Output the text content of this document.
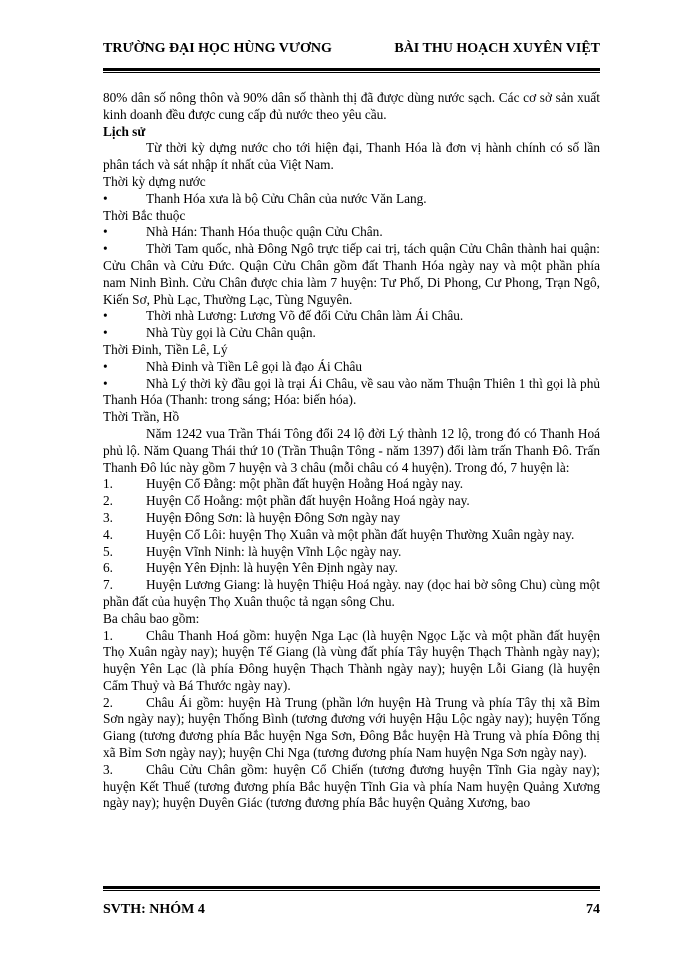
TRƯỜNG ĐẠI HỌC HÙNG VƯƠNG	BÀI THU HOẠCH XUYÊN VIỆT

80% dân số nông thôn và 90% dân số thành thị đã được dùng nước sạch. Các cơ sở sản xuất kinh doanh đều được cung cấp đủ nước theo yêu cầu.

Lịch sử

Từ thời kỳ dựng nước cho tới hiện đại, Thanh Hóa là đơn vị hành chính có số lần phân tách và sát nhập ít nhất của Việt Nam.

Thời kỳ dựng nước

•	Thanh Hóa xưa là bộ Cửu Chân của nước Văn Lang.

Thời Bắc thuộc

•	Nhà Hán: Thanh Hóa thuộc quận Cửu Chân.

•	Thời Tam quốc, nhà Đông Ngô trực tiếp cai trị, tách quận Cửu Chân thành hai quận: Cửu Chân và Cửu Đức. Quận Cửu Chân gồm đất Thanh Hóa ngày nay và một phần phía nam Ninh Bình. Cửu Chân được chia làm 7 huyện: Tư Phố, Di Phong, Cư Phong, Trạn Ngô, Kiến Sơ, Phù Lạc, Thường Lạc, Tùng Nguyên.

•	Thời nhà Lương: Lương Võ đế đổi Cửu Chân làm Ái Châu.

•	Nhà Tùy gọi là Cửu Chân quận.

Thời Đinh, Tiền Lê, Lý

•	Nhà Đinh và Tiền Lê gọi là đạo Ái Châu

•	Nhà Lý thời kỳ đầu gọi là trại Ái Châu, về sau vào năm Thuận Thiên 1 thì gọi là phủ Thanh Hóa (Thanh: trong sáng; Hóa: biến hóa).

Thời Trần, Hồ

Năm 1242 vua Trần Thái Tông đổi 24 lộ đời Lý thành 12 lộ, trong đó có Thanh Hoá phủ lộ. Năm Quang Thái thứ 10 (Trần Thuận Tông - năm 1397) đổi làm trấn Thanh Đô. Trấn Thanh Đô lúc này gồm 7 huyện và 3 châu (mỗi châu có 4 huyện). Trong đó, 7 huyện là:

1. Huyện Cổ Đằng: một phần đất huyện Hoằng Hoá ngày nay.

2. Huyện Cổ Hoằng: một phần đất huyện Hoằng Hoá ngày nay.

3. Huyện Đông Sơn: là huyện Đông Sơn ngày nay

4. Huyện Cổ Lôi: huyện Thọ Xuân và một phần đất huyện Thường Xuân ngày nay.

5. Huyện Vĩnh Ninh: là huyện Vĩnh Lộc ngày nay.

6. Huyện Yên Định: là huyện Yên Định ngày nay.

7. Huyện Lương Giang: là huyện Thiệu Hoá ngày. nay (dọc hai bờ sông Chu) cùng một phần đất của huyện Thọ Xuân thuộc tả ngạn sông Chu.

Ba châu bao gồm:

1. Châu Thanh Hoá gồm: huyện Nga Lạc (là huyện Ngọc Lặc và một phần đất huyện Thọ Xuân ngày nay); huyện Tế Giang (là vùng đất phía Tây huyện Thạch Thành ngày nay); huyện Yên Lạc (là phía Đông huyện Thạch Thành ngày nay); huyện Lỗi Giang (là huyện Cẩm Thuỷ và Bá Thước ngày nay).

2. Châu Ái gồm: huyện Hà Trung (phần lớn huyện Hà Trung và phía Tây thị xã Bỉm Sơn ngày nay); huyện Thống Bình (tương đương với huyện Hậu Lộc ngày nay); huyện Tống Giang (tương đương phía Bắc huyện Nga Sơn, Đông Bắc huyện Hà Trung và phía Đông thị xã Bỉm Sơn ngày nay); huyện Chi Nga (tương đương phía Nam huyện Nga Sơn ngày nay).

3. Châu Cửu Chân gồm: huyện Cổ Chiến (tương đương huyện Tĩnh Gia ngày nay); huyện Kết Thuế (tương đương phía Bắc huyện Tĩnh Gia và phía Nam huyện Quảng Xương ngày nay); huyện Duyên Giác (tương đương phía Bắc huyện Quảng Xương, bao

SVTH: NHÓM 4	74
